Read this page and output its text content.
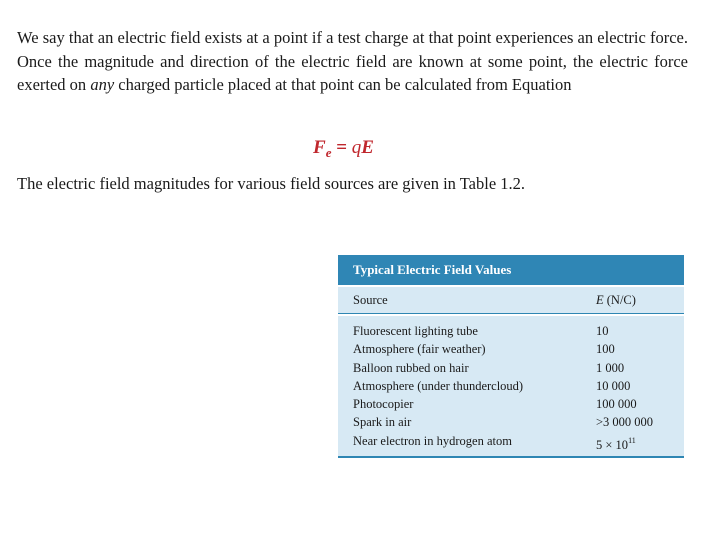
We say that an electric field exists at a point if a test charge at that point experiences an electric force. Once the magnitude and direction of the electric field are known at some point, the electric force exerted on any charged particle placed at that point can be calculated from Equation

$F_e$ = qE

The electric field magnitudes for various field sources are given in Table 1.2.

Typical Electric Field Values
Source	E (N/C)
Fluorescent lighting tube	10
Atmosphere (fair weather)	100
Balloon rubbed on hair	1 000
Atmosphere (under thundercloud)	10 000
Photocopier	100 000
Spark in air	>3 000 000
Near electron in hydrogen atom	$5 \times 10^{11}$
